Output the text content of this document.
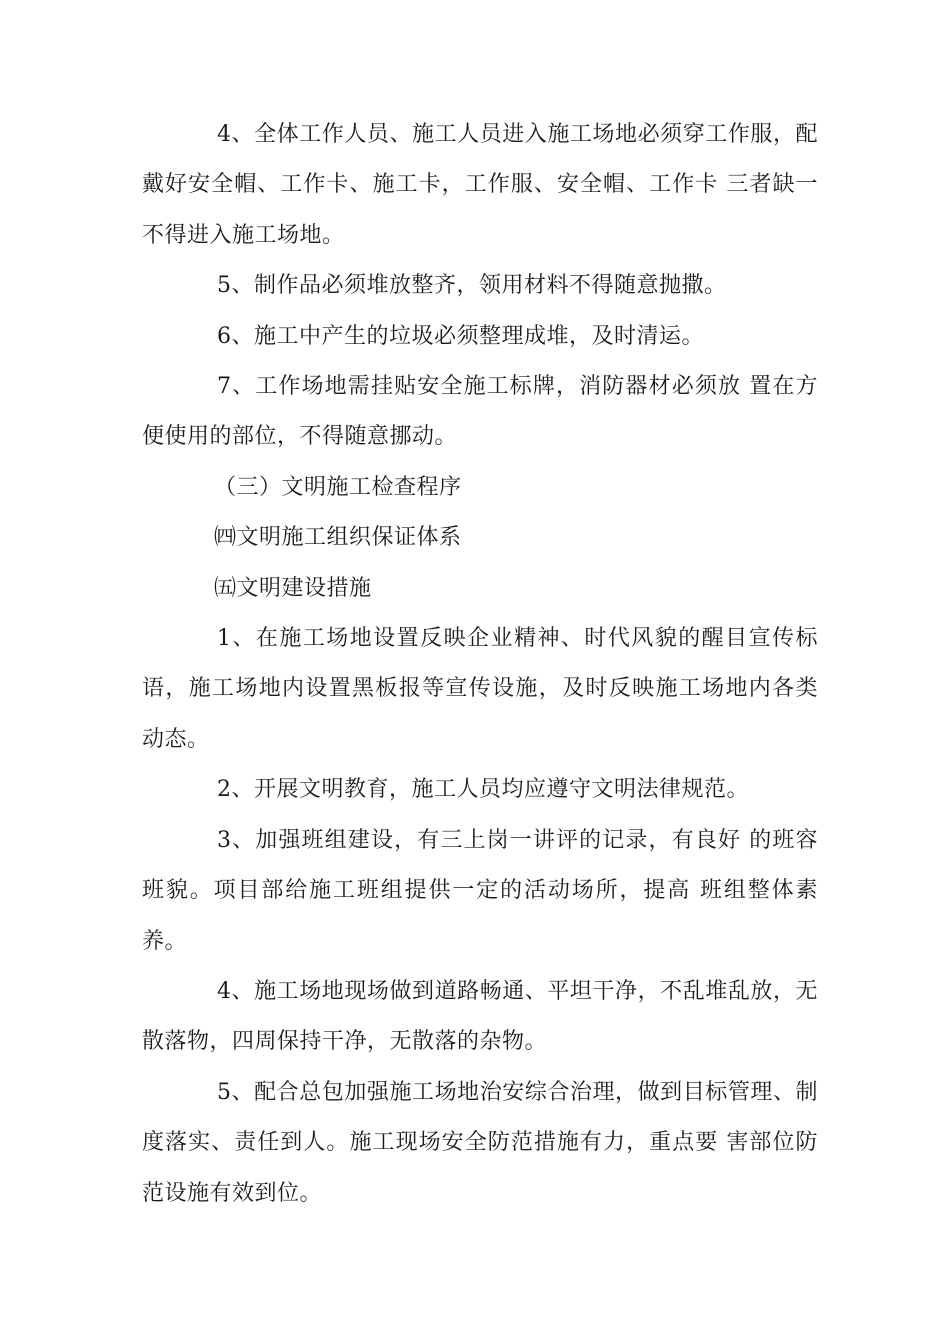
4、全体工作人员、施工人员进入施工场地必须穿工作服，配戴好安全帽、工作卡、施工卡，工作服、安全帽、工作卡 三者缺一不得进入施工场地。

5、制作品必须堆放整齐，领用材料不得随意抛撒。

6、施工中产生的垃圾必须整理成堆，及时清运。

7、工作场地需挂贴安全施工标牌，消防器材必须放 置在方便使用的部位，不得随意挪动。

（三）文明施工检查程序

㈣文明施工组织保证体系

㈤文明建设措施

1、在施工场地设置反映企业精神、时代风貌的醒目宣传标语，施工场地内设置黑板报等宣传设施，及时反映施工场地内各类 动态。

2、开展文明教育，施工人员均应遵守文明法律规范。

3、加强班组建设，有三上岗一讲评的记录，有良好 的班容班貌。项目部给施工班组提供一定的活动场所，提高 班组整体素养。

4、施工场地现场做到道路畅通、平坦干净，不乱堆乱放，无散落物，四周保持干净，无散落的杂物。

5、配合总包加强施工场地治安综合治理，做到目标管理、制度落实、责任到人。施工现场安全防范措施有力，重点要 害部位防范设施有效到位。
